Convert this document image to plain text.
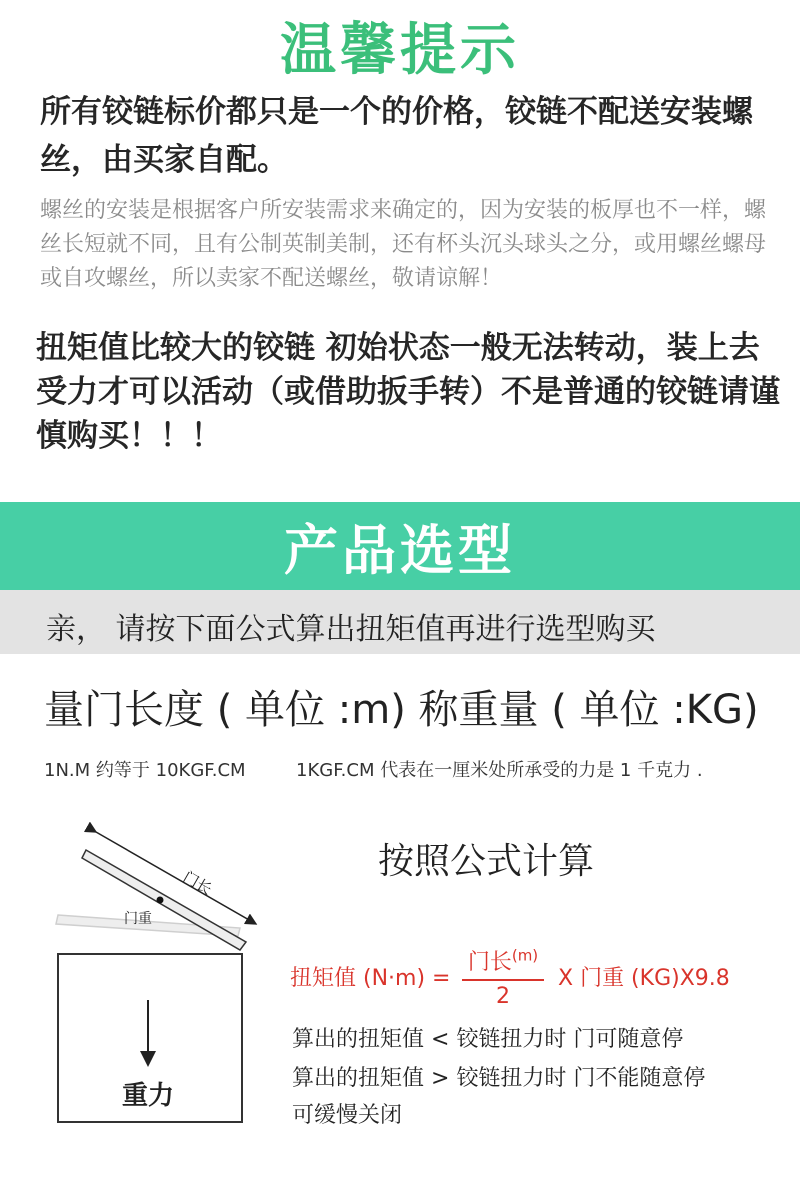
温馨提示
所有铰链标价都只是一个的价格，铰链不配送安装螺丝，由买家自配。
螺丝的安装是根据客户所安装需求来确定的，因为安装的板厚也不一样，螺丝长短就不同，且有公制英制美制，还有杯头沉头球头之分，或用螺丝螺母或自攻螺丝，所以卖家不配送螺丝，敬请谅解！
扭矩值比较大的铰链 初始状态一般无法转动，装上去受力才可以活动（或借助扳手转）不是普通的铰链请谨慎购买！！！
产品选型
亲， 请按下面公式算出扭矩值再进行选型购买
量门长度 ( 单位 :m) 称重量 ( 单位 :KG)
1N.M 约等于 10KGF.CM	1KGF.CM 代表在一厘米处所承受的力是 1 千克力 .
门长
门重
重力
按照公式计算
扭矩值 (N·m) =
门长$^{(m)}$
2
X 门重 (KG)X9.8
算出的扭矩值 < 铰链扭力时 门可随意停
算出的扭矩值 > 铰链扭力时 门不能随意停
可缓慢关闭
